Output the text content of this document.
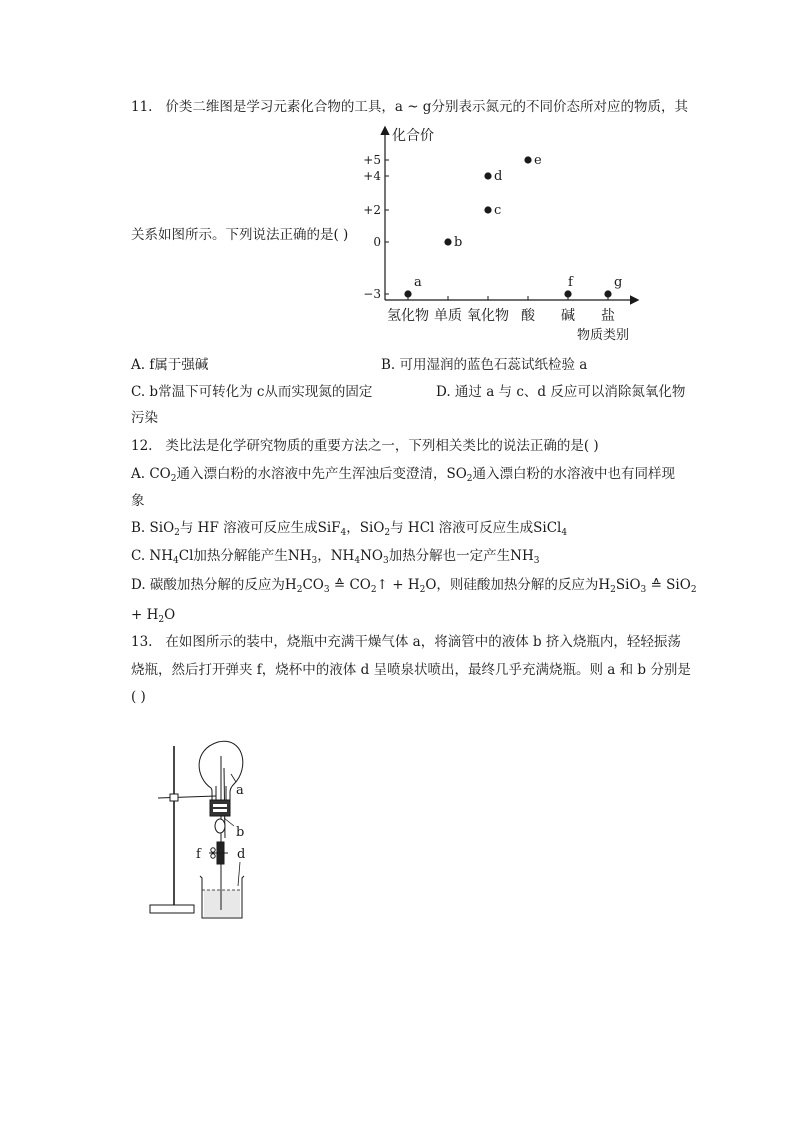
11. 价类二维图是学习元素化合物的工具，a ~ g分别表示氮元的不同价态所对应的物质，其
化合价
物质类别
+5
+4
+2
0
−3
氢化物 单质 氧化物 酸 碱 盐
a
b
c
d
e
f	g
关系如图所示。下列说法正确的是( )
A. f属于强碱	B. 可用湿润的蓝色石蕊试纸检验 a
C. b常温下可转化为 c从而实现氮的固定	D. 通过 a 与 c、d 反应可以消除氮氧化物
污染
12. 类比法是化学研究物质的重要方法之一，下列相关类比的说法正确的是( )
A. $CO_2$通入漂白粉的水溶液中先产生浑浊后变澄清，$SO_2$通入漂白粉的水溶液中也有同样现
象
B. SiO$_2$与 HF 溶液可反应生成SiF$_4$，SiO$_2$与 HCl 溶液可反应生成SiCl$_4$
C. $NH_4Cl$加热分解能产生$NH_3$，$NH_4NO_3$加热分解也一定产生$NH_3$
D. 碳酸加热分解的反应为$H_2CO_3$ ≙ $CO_2↑ + H_2O$，则硅酸加热分解的反应为$H_2SiO_3$ ≙ SiO$_2$
+ $H_2O$
13. 在如图所示的装中，烧瓶中充满干燥气体 a，将滴管中的液体 b 挤入烧瓶内，轻轻振荡
烧瓶，然后打开弹夹 f，烧杯中的液体 d 呈喷泉状喷出，最终几乎充满烧瓶。则 a 和 b 分别是
( )
a
b
f	d
